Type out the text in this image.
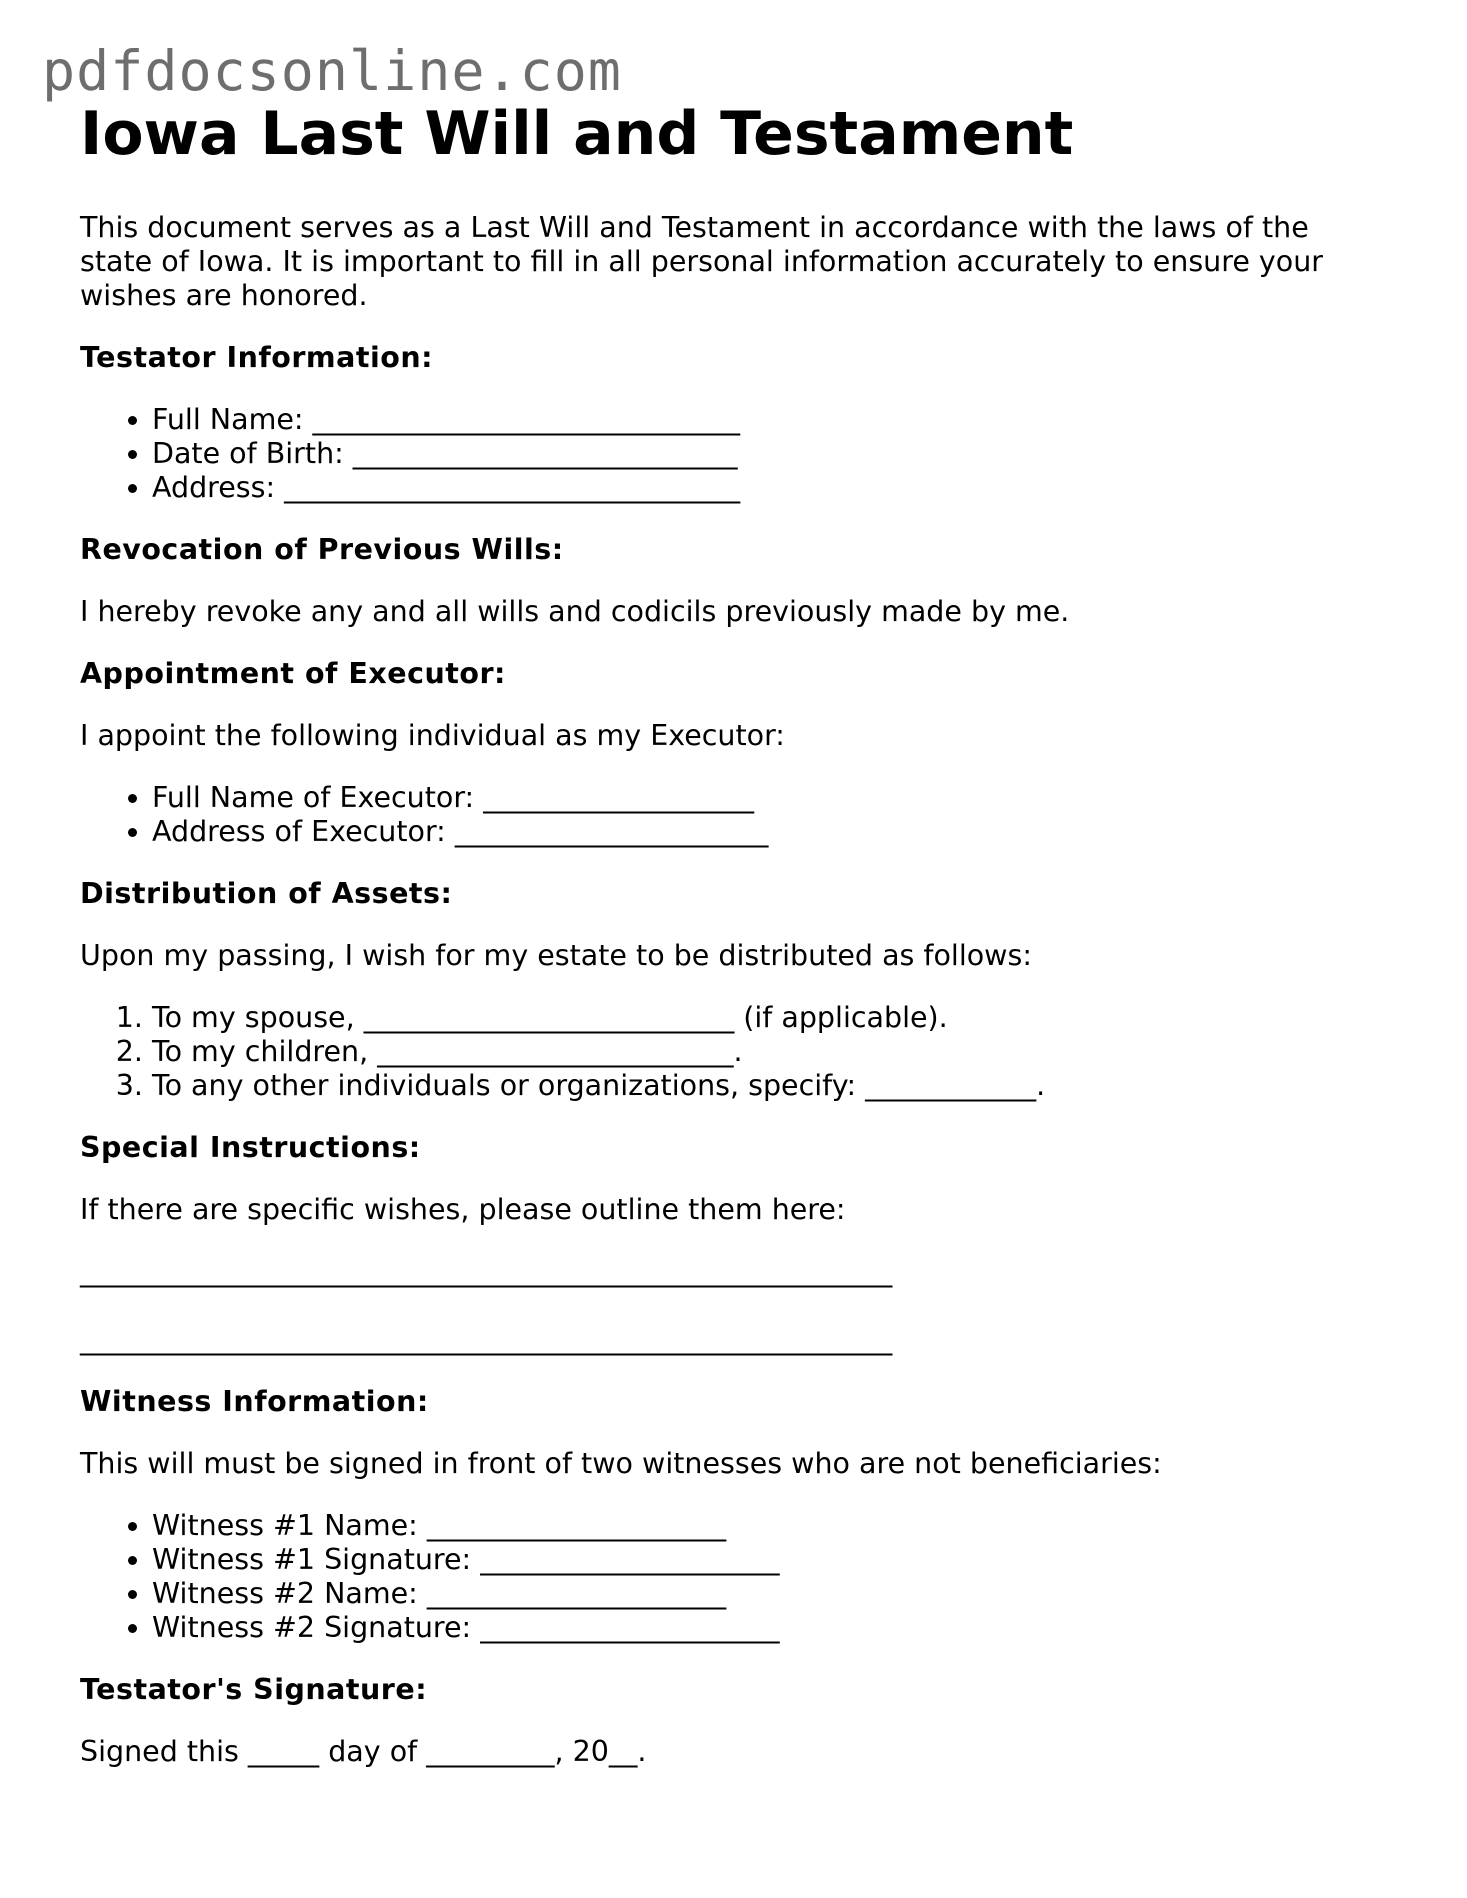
pdfdocsonline.com
Iowa Last Will and Testament

This document serves as a Last Will and Testament in accordance with the laws of the state of Iowa. It is important to fill in all personal information accurately to ensure your wishes are honored.

Testator Information:
• Full Name: ______________________________
• Date of Birth: ___________________________
• Address: ________________________________
Revocation of Previous Wills:

I hereby revoke any and all wills and codicils previously made by me.

Appointment of Executor:

I appoint the following individual as my Executor:

• Full Name of Executor: ___________________
• Address of Executor: ______________________
Distribution of Assets:

Upon my passing, I wish for my estate to be distributed as follows:

1. To my spouse, __________________________ (if applicable).
2. To my children, _________________________.
3. To any other individuals or organizations, specify: ____________.
Special Instructions:

If there are specific wishes, please outline them here:

_________________________________________________________
_________________________________________________________
Witness Information:

This will must be signed in front of two witnesses who are not beneficiaries:

• Witness #1 Name: _____________________
• Witness #1 Signature: _____________________
• Witness #2 Name: _____________________
• Witness #2 Signature: _____________________
Testator's Signature:

Signed this _____ day of _________, 20__.
